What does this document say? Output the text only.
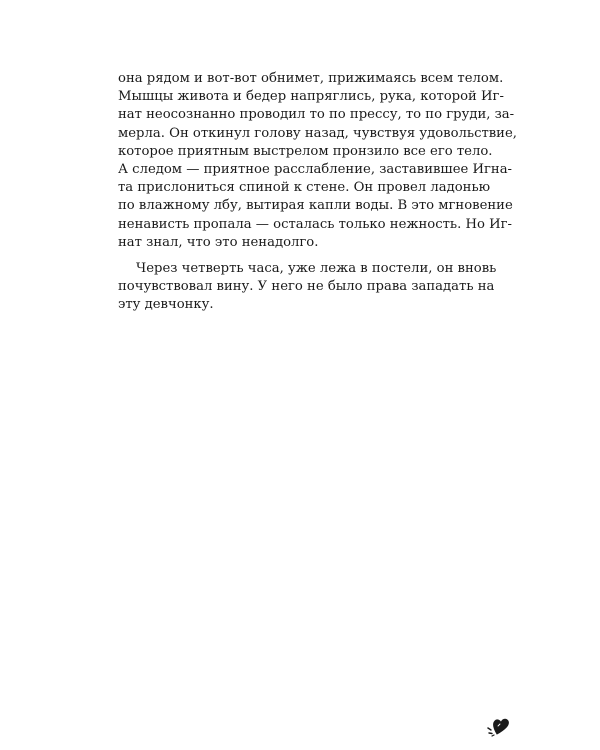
она рядом и вот-вот обнимет, прижимаясь всем телом.
Мышцы живота и бедер напряглись, рука, которой Иг-
нат неосознанно проводил то по прессу, то по груди, за-
мерла. Он откинул голову назад, чувствуя удовольствие,
которое приятным выстрелом пронзило все его тело.
А следом — приятное расслабление, заставившее Игна-
та прислониться спиной к стене. Он провел ладонью
по влажному лбу, вытирая капли воды. В это мгновение
ненависть пропала — осталась только нежность. Но Иг-
нат знал, что это ненадолго.
Через четверть часа, уже лежа в постели, он вновь
почувствовал вину. У него не было права западать на
эту девчонку.
